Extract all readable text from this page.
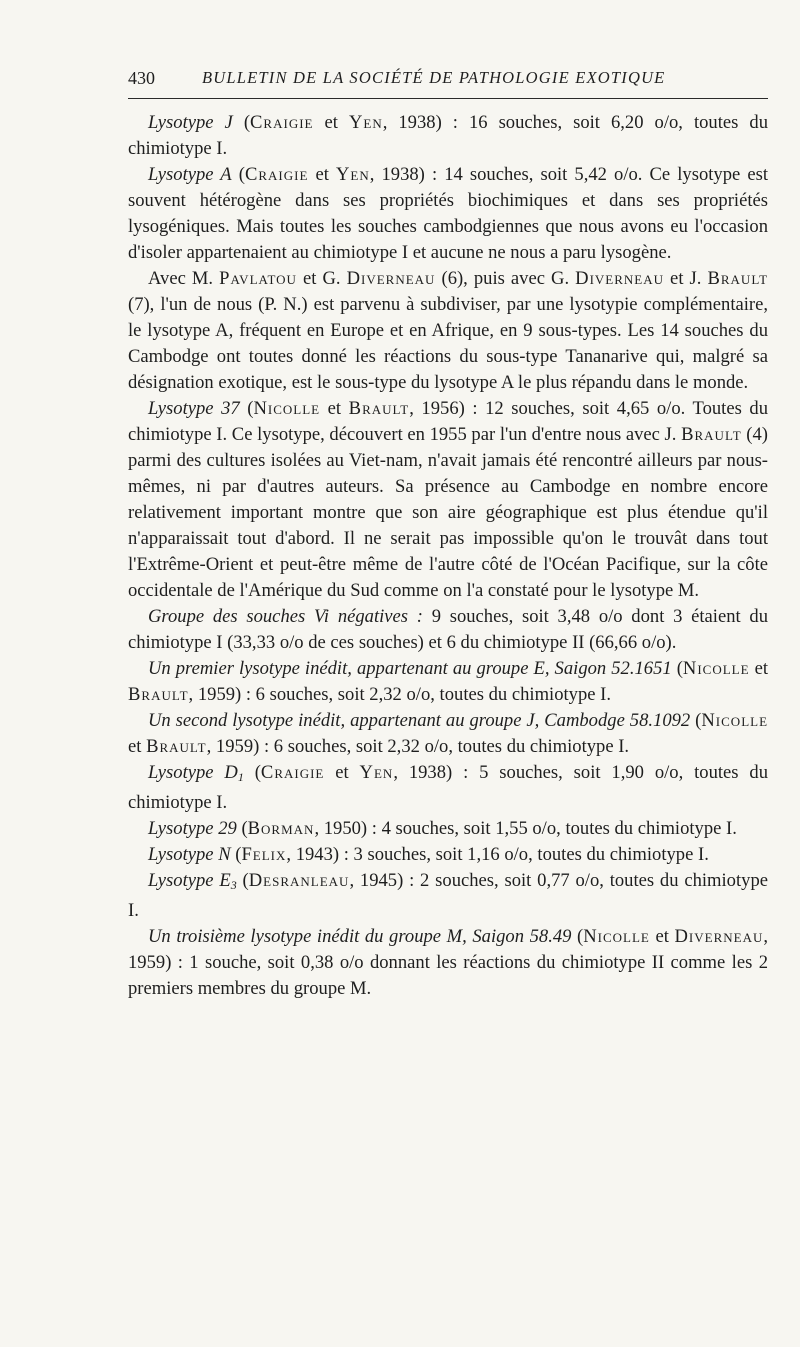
430	BULLETIN DE LA SOCIÉTÉ DE PATHOLOGIE EXOTIQUE

Lysotype J (Craigie et Yen, 1938) : 16 souches, soit 6,20 o/o, toutes du chimiotype I.

Lysotype A (Craigie et Yen, 1938) : 14 souches, soit 5,42 o/o. Ce lysotype est souvent hétérogène dans ses propriétés biochimiques et dans ses propriétés lysogéniques. Mais toutes les souches cambodgiennes que nous avons eu l'occasion d'isoler appartenaient au chimiotype I et aucune ne nous a paru lysogène.

Avec M. Pavlatou et G. Diverneau (6), puis avec G. Diverneau et J. Brault (7), l'un de nous (P. N.) est parvenu à subdiviser, par une lysotypie complémentaire, le lysotype A, fréquent en Europe et en Afrique, en 9 sous-types. Les 14 souches du Cambodge ont toutes donné les réactions du sous-type Tananarive qui, malgré sa désignation exotique, est le sous-type du lysotype A le plus répandu dans le monde.

Lysotype 37 (Nicolle et Brault, 1956) : 12 souches, soit 4,65 o/o. Toutes du chimiotype I. Ce lysotype, découvert en 1955 par l'un d'entre nous avec J. Brault (4) parmi des cultures isolées au Viet-nam, n'avait jamais été rencontré ailleurs par nous-mêmes, ni par d'autres auteurs. Sa présence au Cambodge en nombre encore relativement important montre que son aire géographique est plus étendue qu'il n'apparaissait tout d'abord. Il ne serait pas impossible qu'on le trouvât dans tout l'Extrême-Orient et peut-être même de l'autre côté de l'Océan Pacifique, sur la côte occidentale de l'Amérique du Sud comme on l'a constaté pour le lysotype M.

Groupe des souches Vi négatives : 9 souches, soit 3,48 o/o dont 3 étaient du chimiotype I (33,33 o/o de ces souches) et 6 du chimiotype II (66,66 o/o).

Un premier lysotype inédit, appartenant au groupe E, Saigon 52.1651 (Nicolle et Brault, 1959) : 6 souches, soit 2,32 o/o, toutes du chimiotype I.

Un second lysotype inédit, appartenant au groupe J, Cambodge 58.1092 (Nicolle et Brault, 1959) : 6 souches, soit 2,32 o/o, toutes du chimiotype I.

Lysotype $D_1$ (Craigie et Yen, 1938) : 5 souches, soit 1,90 o/o, toutes du chimiotype I.

Lysotype 29 (Borman, 1950) : 4 souches, soit 1,55 o/o, toutes du chimiotype I.

Lysotype N (Felix, 1943) : 3 souches, soit 1,16 o/o, toutes du chimiotype I.

Lysotype $E_3$ (Desranleau, 1945) : 2 souches, soit 0,77 o/o, toutes du chimiotype I.

Un troisième lysotype inédit du groupe M, Saigon 58.49 (Nicolle et Diverneau, 1959) : 1 souche, soit 0,38 o/o donnant les réactions du chimiotype II comme les 2 premiers membres du groupe M.
